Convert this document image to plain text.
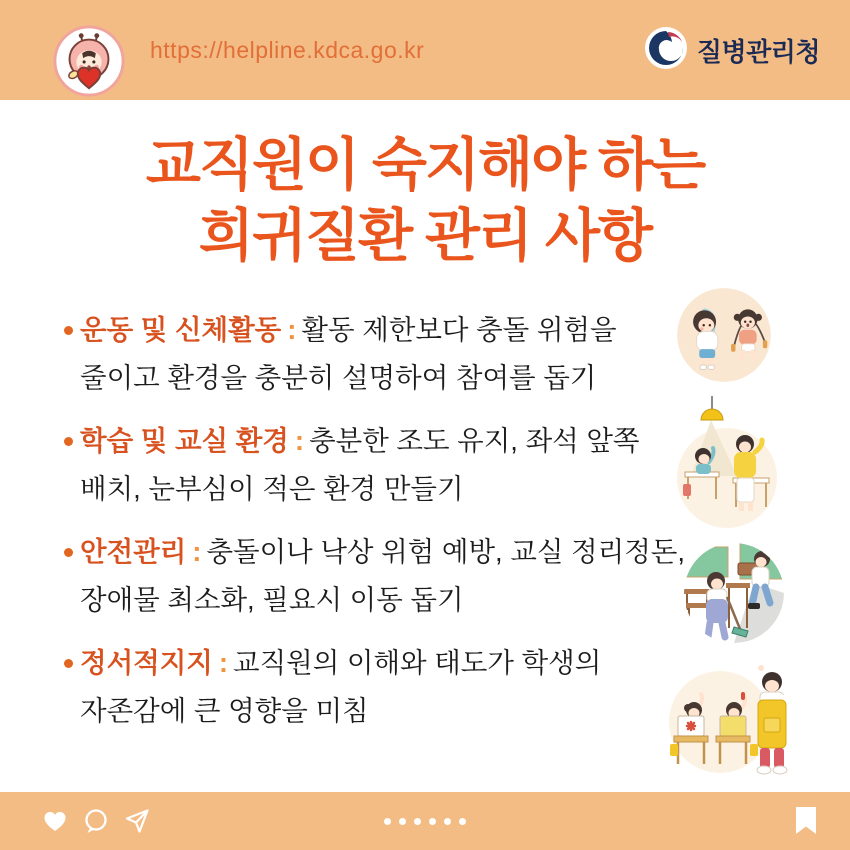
https://helpline.kdca.go.kr	질병관리청
교직원이 숙지해야 하는
희귀질환 관리 사항

운동 및 신체활동 : 활동 제한보다 충돌 위험을

줄이고 환경을 충분히 설명하여 참여를 돕기

학습 및 교실 환경 : 충분한 조도 유지, 좌석 앞쪽

배치, 눈부심이 적은 환경 만들기

안전관리 : 충돌이나 낙상 위험 예방, 교실 정리정돈,

장애물 최소화, 필요시 이동 돕기

정서적지지 : 교직원의 이해와 태도가 학생의

자존감에 큰 영향을 미침
